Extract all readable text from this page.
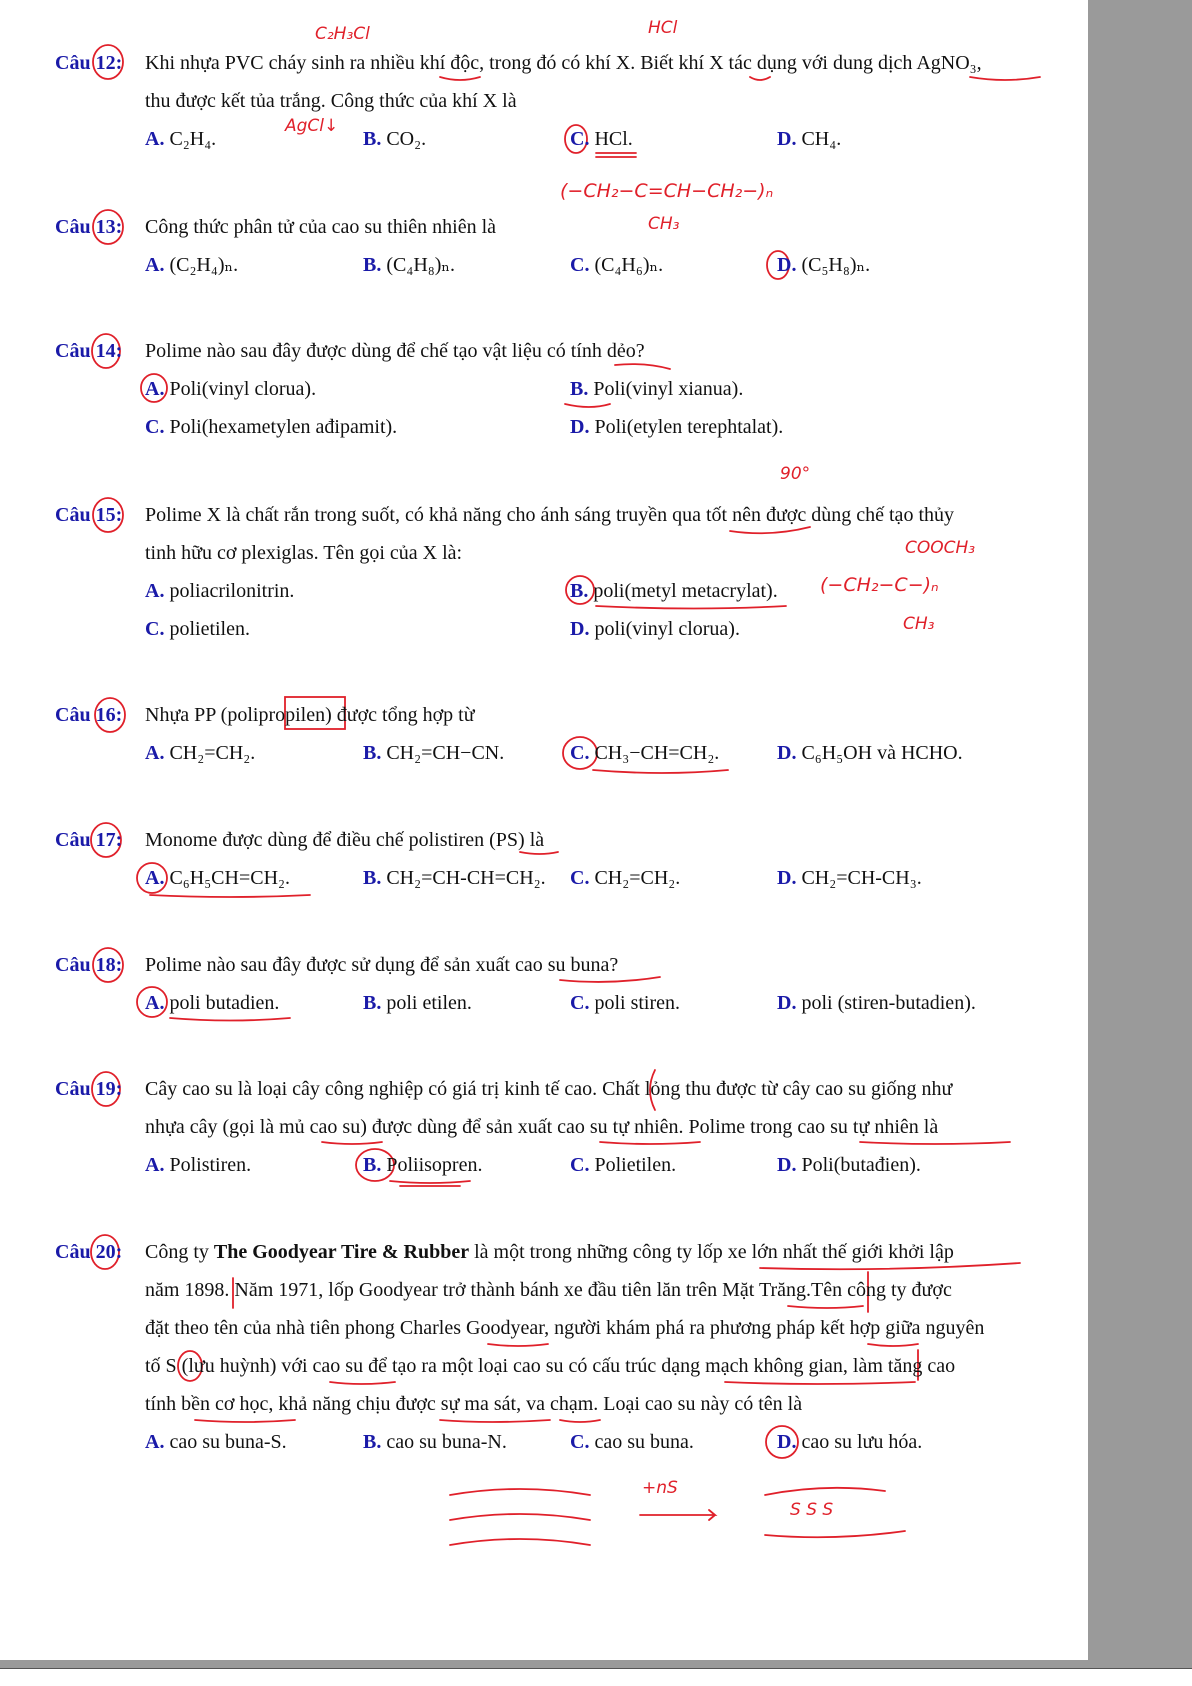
C₂H₃Cl	HCl
AgCl↓
(−CH₂−C=CH−CH₂−)ₙ
CH₃
90°
COOCH₃
(−CH₂−C−)ₙ
CH₃
+nS
S S S
Câu 12: Khi nhựa PVC cháy sinh ra nhiều khí độc, trong đó có khí X. Biết khí X tác dụng với dung dịch AgNO₃,
thu được kết tủa trắng. Công thức của khí X là
A. C₂H₄.	B. CO₂.	C. HCl.	D. CH₄.
Câu 13: Công thức phân tử của cao su thiên nhiên là
A. (C₂H₄)ₙ.	B. (C₄H₈)ₙ.	C. (C₄H₆)ₙ.	D. (C₅H₈)ₙ.
Câu 14: Polime nào sau đây được dùng để chế tạo vật liệu có tính dẻo?
A. Poli(vinyl clorua).	B. Poli(vinyl xianua).
C. Poli(hexametylen ađipamit).	D. Poli(etylen terephtalat).
Câu 15: Polime X là chất rắn trong suốt, có khả năng cho ánh sáng truyền qua tốt nên được dùng chế tạo thủy
tinh hữu cơ plexiglas. Tên gọi của X là:
A. poliacrilonitrin.	B. poli(metyl metacrylat).
C. polietilen.	D. poli(vinyl clorua).
Câu 16: Nhựa PP (polipropilen) được tổng hợp từ
A. CH₂=CH₂.	B. CH₂=CH−CN.	C. CH₃−CH=CH₂.	D. C₆H₅OH và HCHO.
Câu 17: Monome được dùng để điều chế polistiren (PS) là
A. C₆H₅CH=CH₂.	B. CH₂=CH-CH=CH₂. C. CH₂=CH₂.	D. CH₂=CH-CH₃.
Câu 18: Polime nào sau đây được sử dụng để sản xuất cao su buna?
A. poli butadien.	B. poli etilen.	C. poli stiren.	D. poli (stiren-butadien).
Câu 19: Cây cao su là loại cây công nghiệp có giá trị kinh tế cao. Chất lỏng thu được từ cây cao su giống như
nhựa cây (gọi là mủ cao su) được dùng để sản xuất cao su tự nhiên. Polime trong cao su tự nhiên là
A. Polistiren.	B. Poliisopren.	C. Polietilen.	D. Poli(butađien).
Câu 20: Công ty The Goodyear Tire & Rubber là một trong những công ty lốp xe lớn nhất thế giới khởi lập
năm 1898. Năm 1971, lốp Goodyear trở thành bánh xe đầu tiên lăn trên Mặt Trăng.Tên công ty được
đặt theo tên của nhà tiên phong Charles Goodyear, người khám phá ra phương pháp kết hợp giữa nguyên
tố S (lưu huỳnh) với cao su để tạo ra một loại cao su có cấu trúc dạng mạch không gian, làm tăng cao
tính bền cơ học, khả năng chịu được sự ma sát, va chạm. Loại cao su này có tên là
A. cao su buna-S.	B. cao su buna-N.	C. cao su buna.	D. cao su lưu hóa.
